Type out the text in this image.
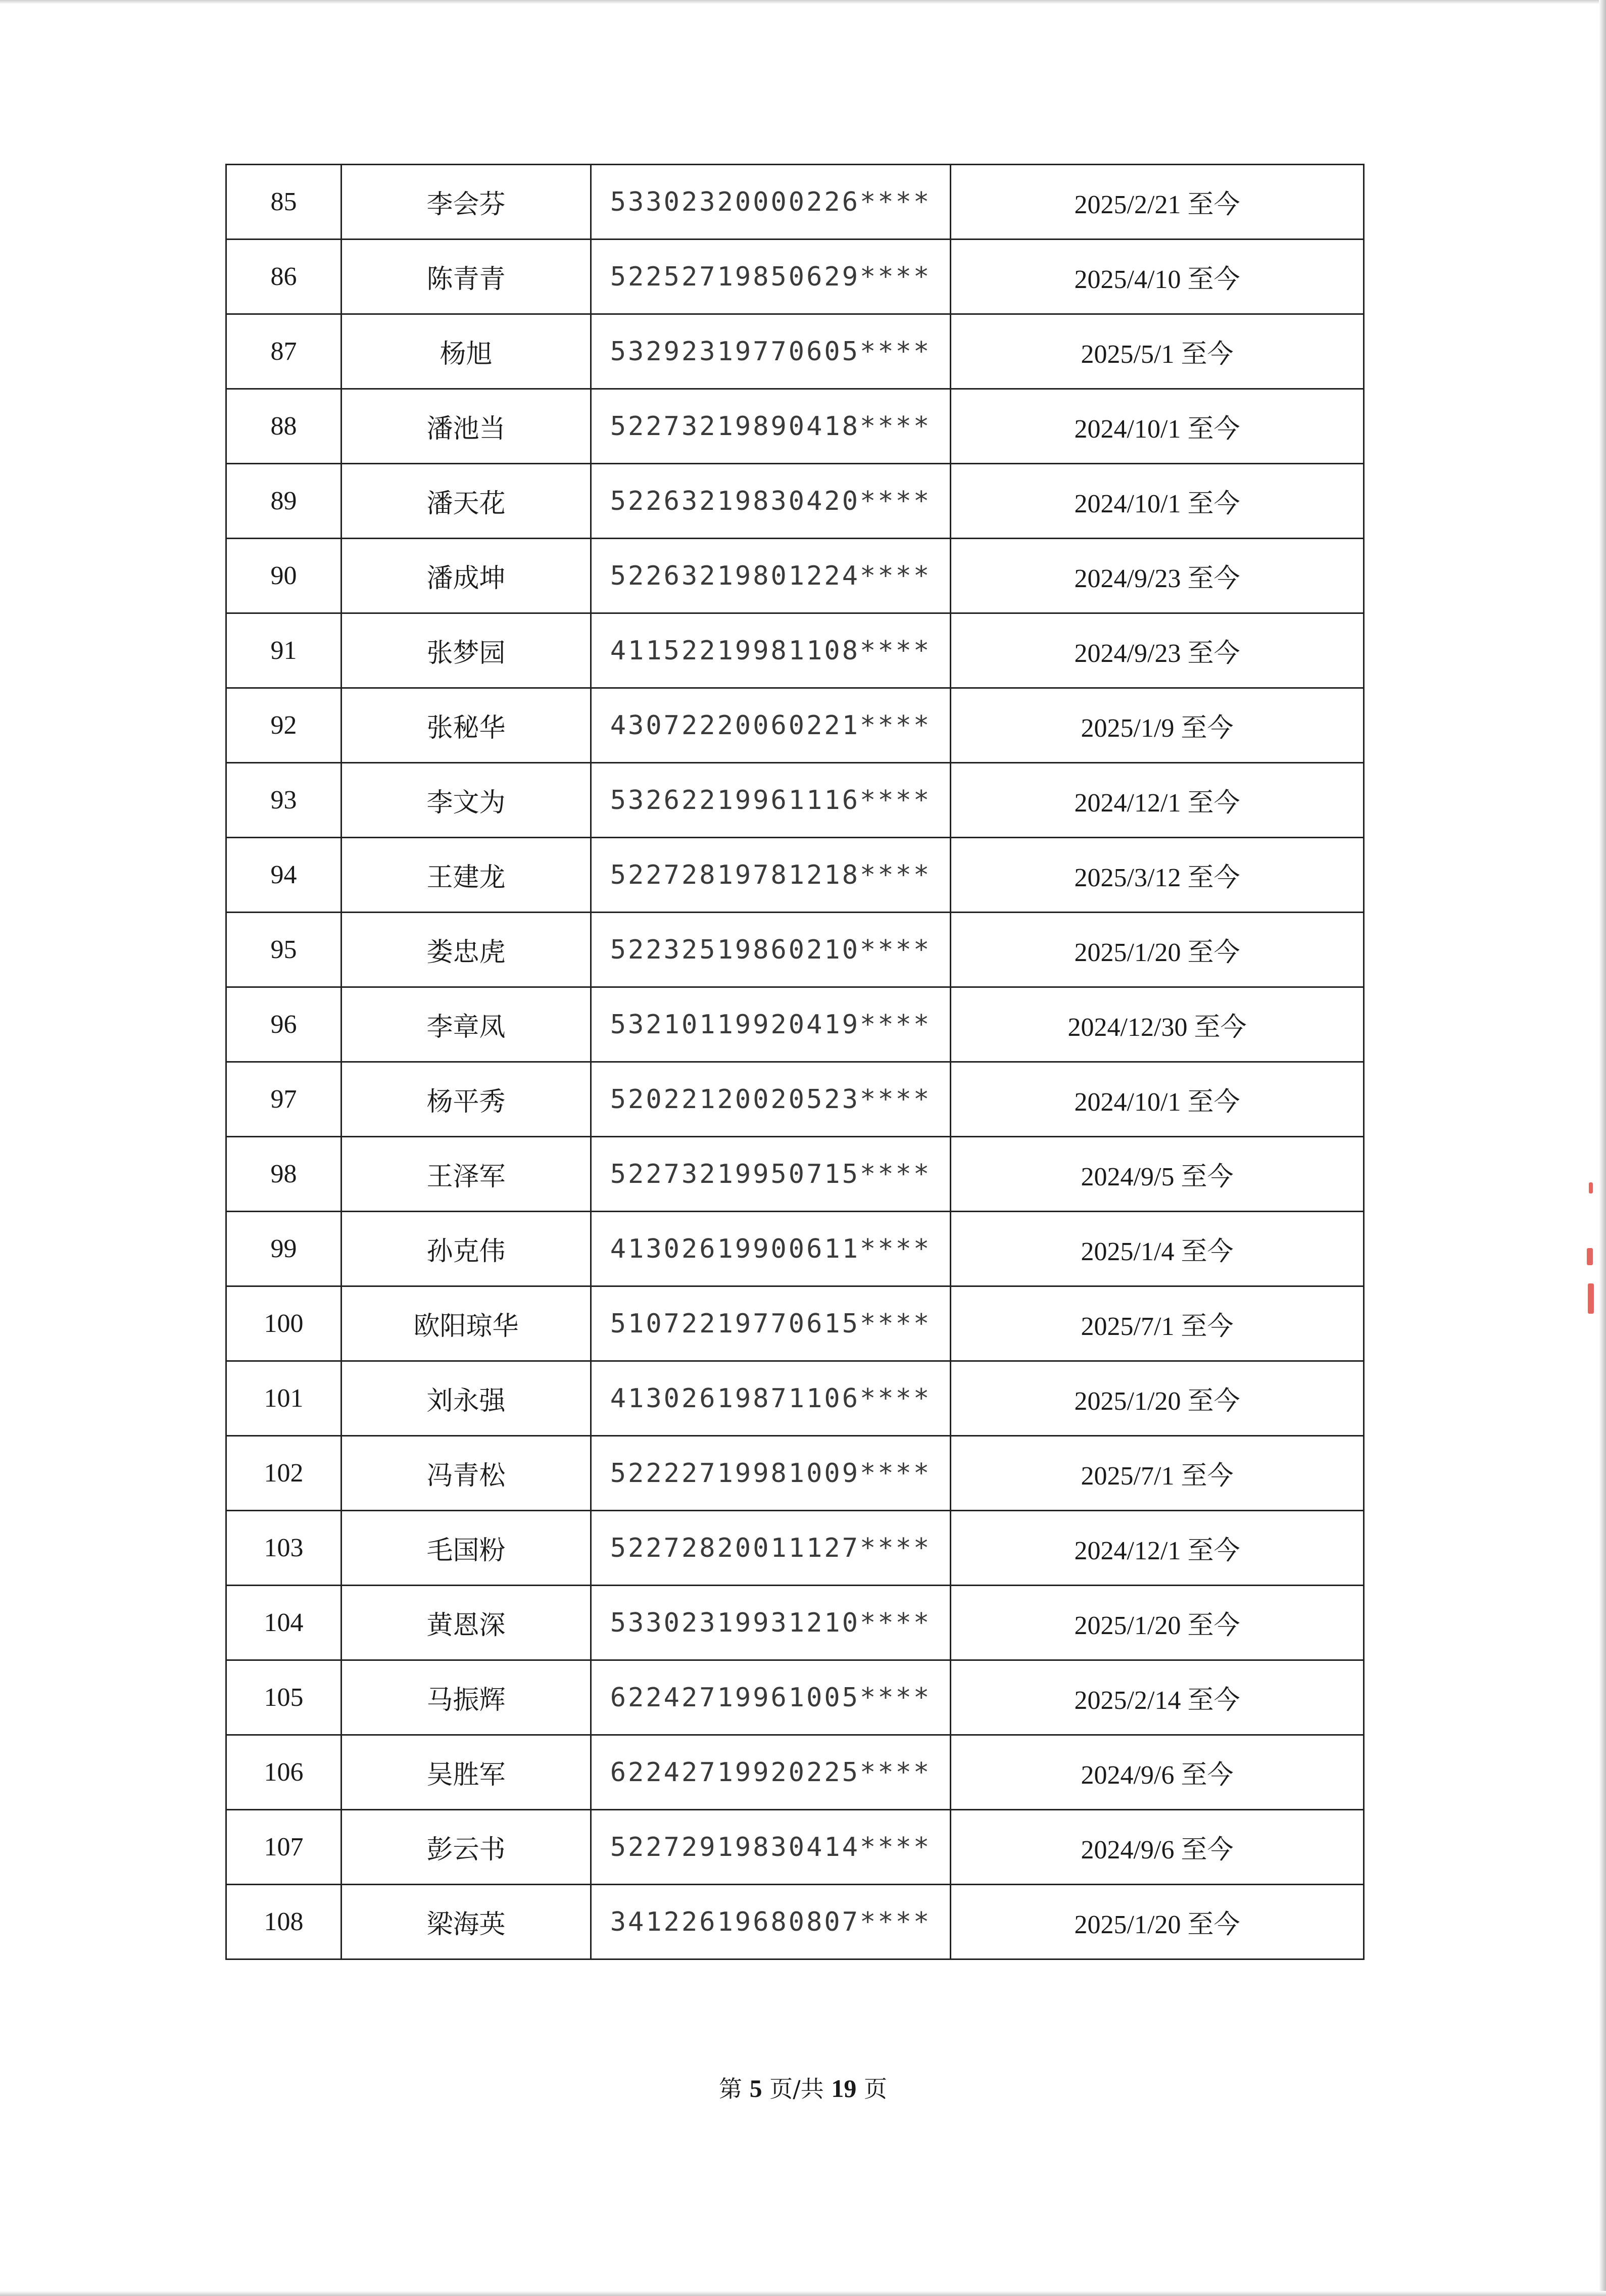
85	李会芬	53302320000226****	2025/2/21 至今
86	陈青青	52252719850629****	2025/4/10 至今
87	杨旭	53292319770605****	2025/5/1 至今
88	潘池当	52273219890418****	2024/10/1 至今
89	潘天花	52263219830420****	2024/10/1 至今
90	潘成坤	52263219801224****	2024/9/23 至今
91	张梦园	41152219981108****	2024/9/23 至今
92	张秘华	43072220060221****	2025/1/9 至今
93	李文为	53262219961116****	2024/12/1 至今
94	王建龙	52272819781218****	2025/3/12 至今
95	娄忠虎	52232519860210****	2025/1/20 至今
96	李章凤	53210119920419****	2024/12/30 至今
97	杨平秀	52022120020523****	2024/10/1 至今
98	王泽军	52273219950715****	2024/9/5 至今
99	孙克伟	41302619900611****	2025/1/4 至今
100	欧阳琼华	51072219770615****	2025/7/1 至今
101	刘永强	41302619871106****	2025/1/20 至今
102	冯青松	52222719981009****	2025/7/1 至今
103	毛国粉	52272820011127****	2024/12/1 至今
104	黄恩深	53302319931210****	2025/1/20 至今
105	马振辉	62242719961005****	2025/2/14 至今
106	吴胜军	62242719920225****	2024/9/6 至今
107	彭云书	52272919830414****	2024/9/6 至今
108	梁海英	34122619680807****	2025/1/20 至今
第 5 页/共 19 页
